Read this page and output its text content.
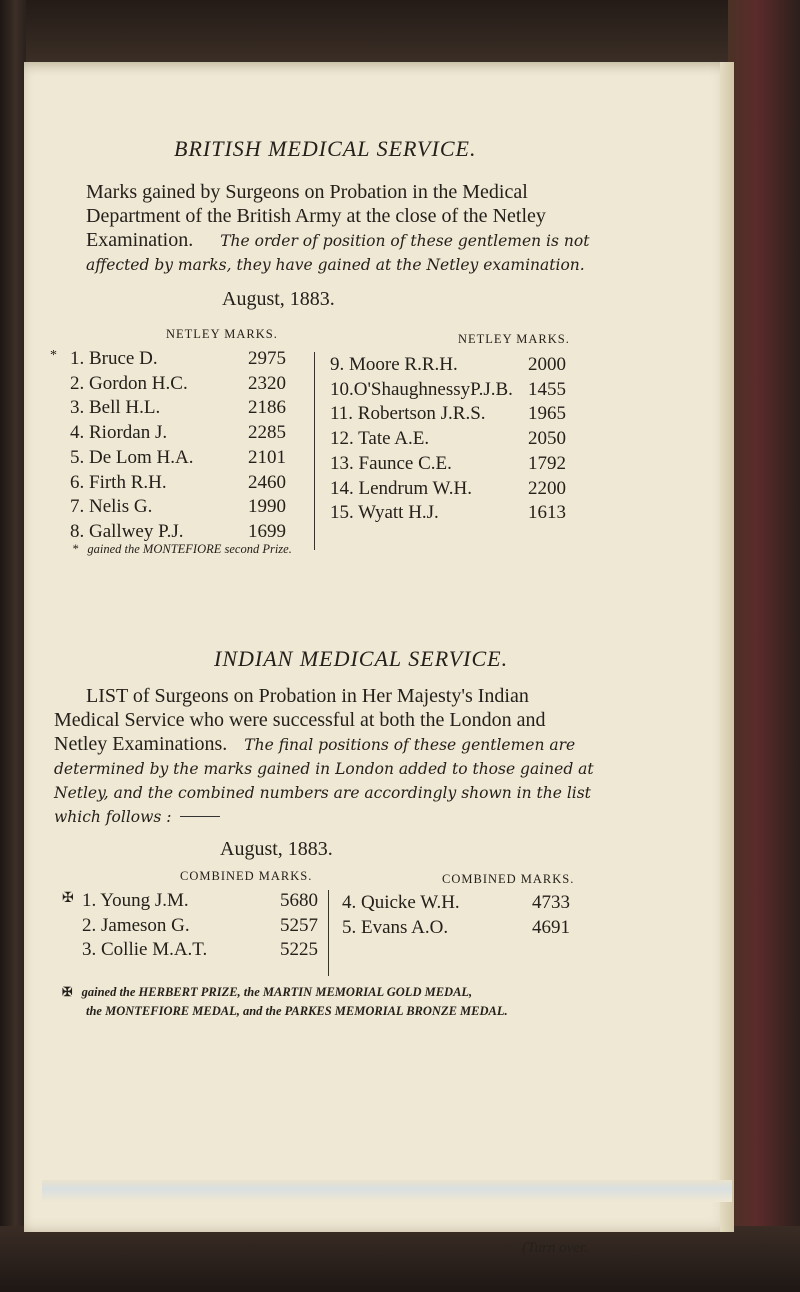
BRITISH MEDICAL SERVICE.
Marks gained by Surgeons on Probation in the Medical
Department of the British Army at the close of the Netley
Examination. The order of position of these gentlemen is not
affected by marks, they have gained at the Netley examination.
August, 1883.
NETLEY MARKS.	NETLEY MARKS.
* 1. Bruce D.	2975
2. Gordon H.C.	2320
3. Bell H.L.	2186
4. Riordan J.	2285
5. De Lom H.A.	2101
6. Firth R.H.	2460
7. Nelis G.	1990
8. Gallwey P.J.	1699
9. Moore R.R.H.	2000
10.O'ShaughnessyP.J.B. 1455
11. Robertson J.R.S. 1965
12. Tate A.E.	2050
13. Faunce C.E.	1792
14. Lendrum W.H.	2200
15. Wyatt H.J.	1613
* gained the MONTEFIORE second Prize.
INDIAN MEDICAL SERVICE.
LIST of Surgeons on Probation in Her Majesty's Indian
Medical Service who were successful at both the London and
Netley Examinations. The final positions of these gentlemen are
determined by the marks gained in London added to those gained at
Netley, and the combined numbers are accordingly shown in the list
which follows :
August, 1883.
COMBINED MARKS.	COMBINED MARKS.
✠ 1. Young J.M.	5680
2. Jameson G.	5257
3. Collie M.A.T.	5225
4. Quicke W.H.	4733
5. Evans A.O.	4691
✠ gained the HERBERT PRIZE, the MARTIN MEMORIAL GOLD MEDAL,
the MONTEFIORE MEDAL, and the PARKES MEMORIAL BRONZE MEDAL.
(Turn over.
